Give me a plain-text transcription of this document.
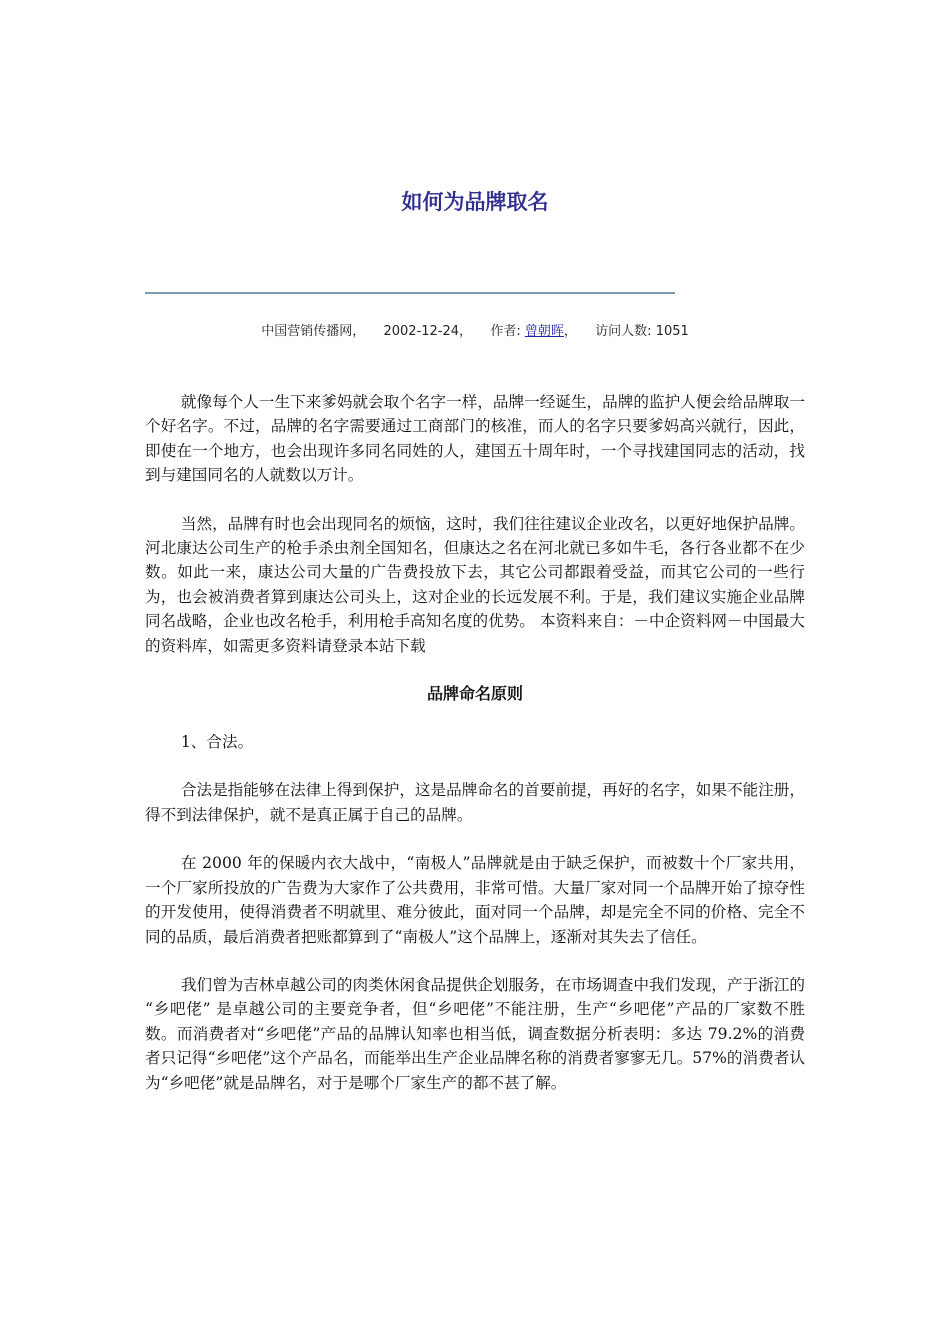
如何为品牌取名
中国营销传播网， 2002-12-24， 作者: 曾朝晖， 访问人数: 1051

就像每个人一生下来爹妈就会取个名字一样，品牌一经诞生，品牌的监护人便会给品牌取一个好名字。不过，品牌的名字需要通过工商部门的核准，而人的名字只要爹妈高兴就行，因此，即使在一个地方，也会出现许多同名同姓的人，建国五十周年时，一个寻找建国同志的活动，找到与建国同名的人就数以万计。

当然，品牌有时也会出现同名的烦恼，这时，我们往往建议企业改名，以更好地保护品牌。河北康达公司生产的枪手杀虫剂全国知名，但康达之名在河北就已多如牛毛，各行各业都不在少数。如此一来，康达公司大量的广告费投放下去，其它公司都跟着受益，而其它公司的一些行为，也会被消费者算到康达公司头上，这对企业的长远发展不利。于是，我们建议实施企业品牌同名战略，企业也改名枪手，利用枪手高知名度的优势。 本资料来自：－中企资料网－中国最大的资料库，如需更多资料请登录本站下载

品牌命名原则

1、合法。

合法是指能够在法律上得到保护，这是品牌命名的首要前提，再好的名字，如果不能注册，得不到法律保护，就不是真正属于自己的品牌。

在 2000 年的保暖内衣大战中，“南极人”品牌就是由于缺乏保护，而被数十个厂家共用，一个厂家所投放的广告费为大家作了公共费用，非常可惜。大量厂家对同一个品牌开始了掠夺性的开发使用，使得消费者不明就里、难分彼此，面对同一个品牌，却是完全不同的价格、完全不同的品质，最后消费者把账都算到了“南极人”这个品牌上，逐渐对其失去了信任。

我们曾为吉林卓越公司的肉类休闲食品提供企划服务，在市场调查中我们发现，产于浙江的 “乡吧佬” 是卓越公司的主要竞争者，但“乡吧佬”不能注册，生产“乡吧佬”产品的厂家数不胜数。而消费者对“乡吧佬”产品的品牌认知率也相当低，调查数据分析表明：多达 79.2%的消费者只记得“乡吧佬”这个产品名，而能举出生产企业品牌名称的消费者寥寥无几。57%的消费者认为“乡吧佬”就是品牌名，对于是哪个厂家生产的都不甚了解。
